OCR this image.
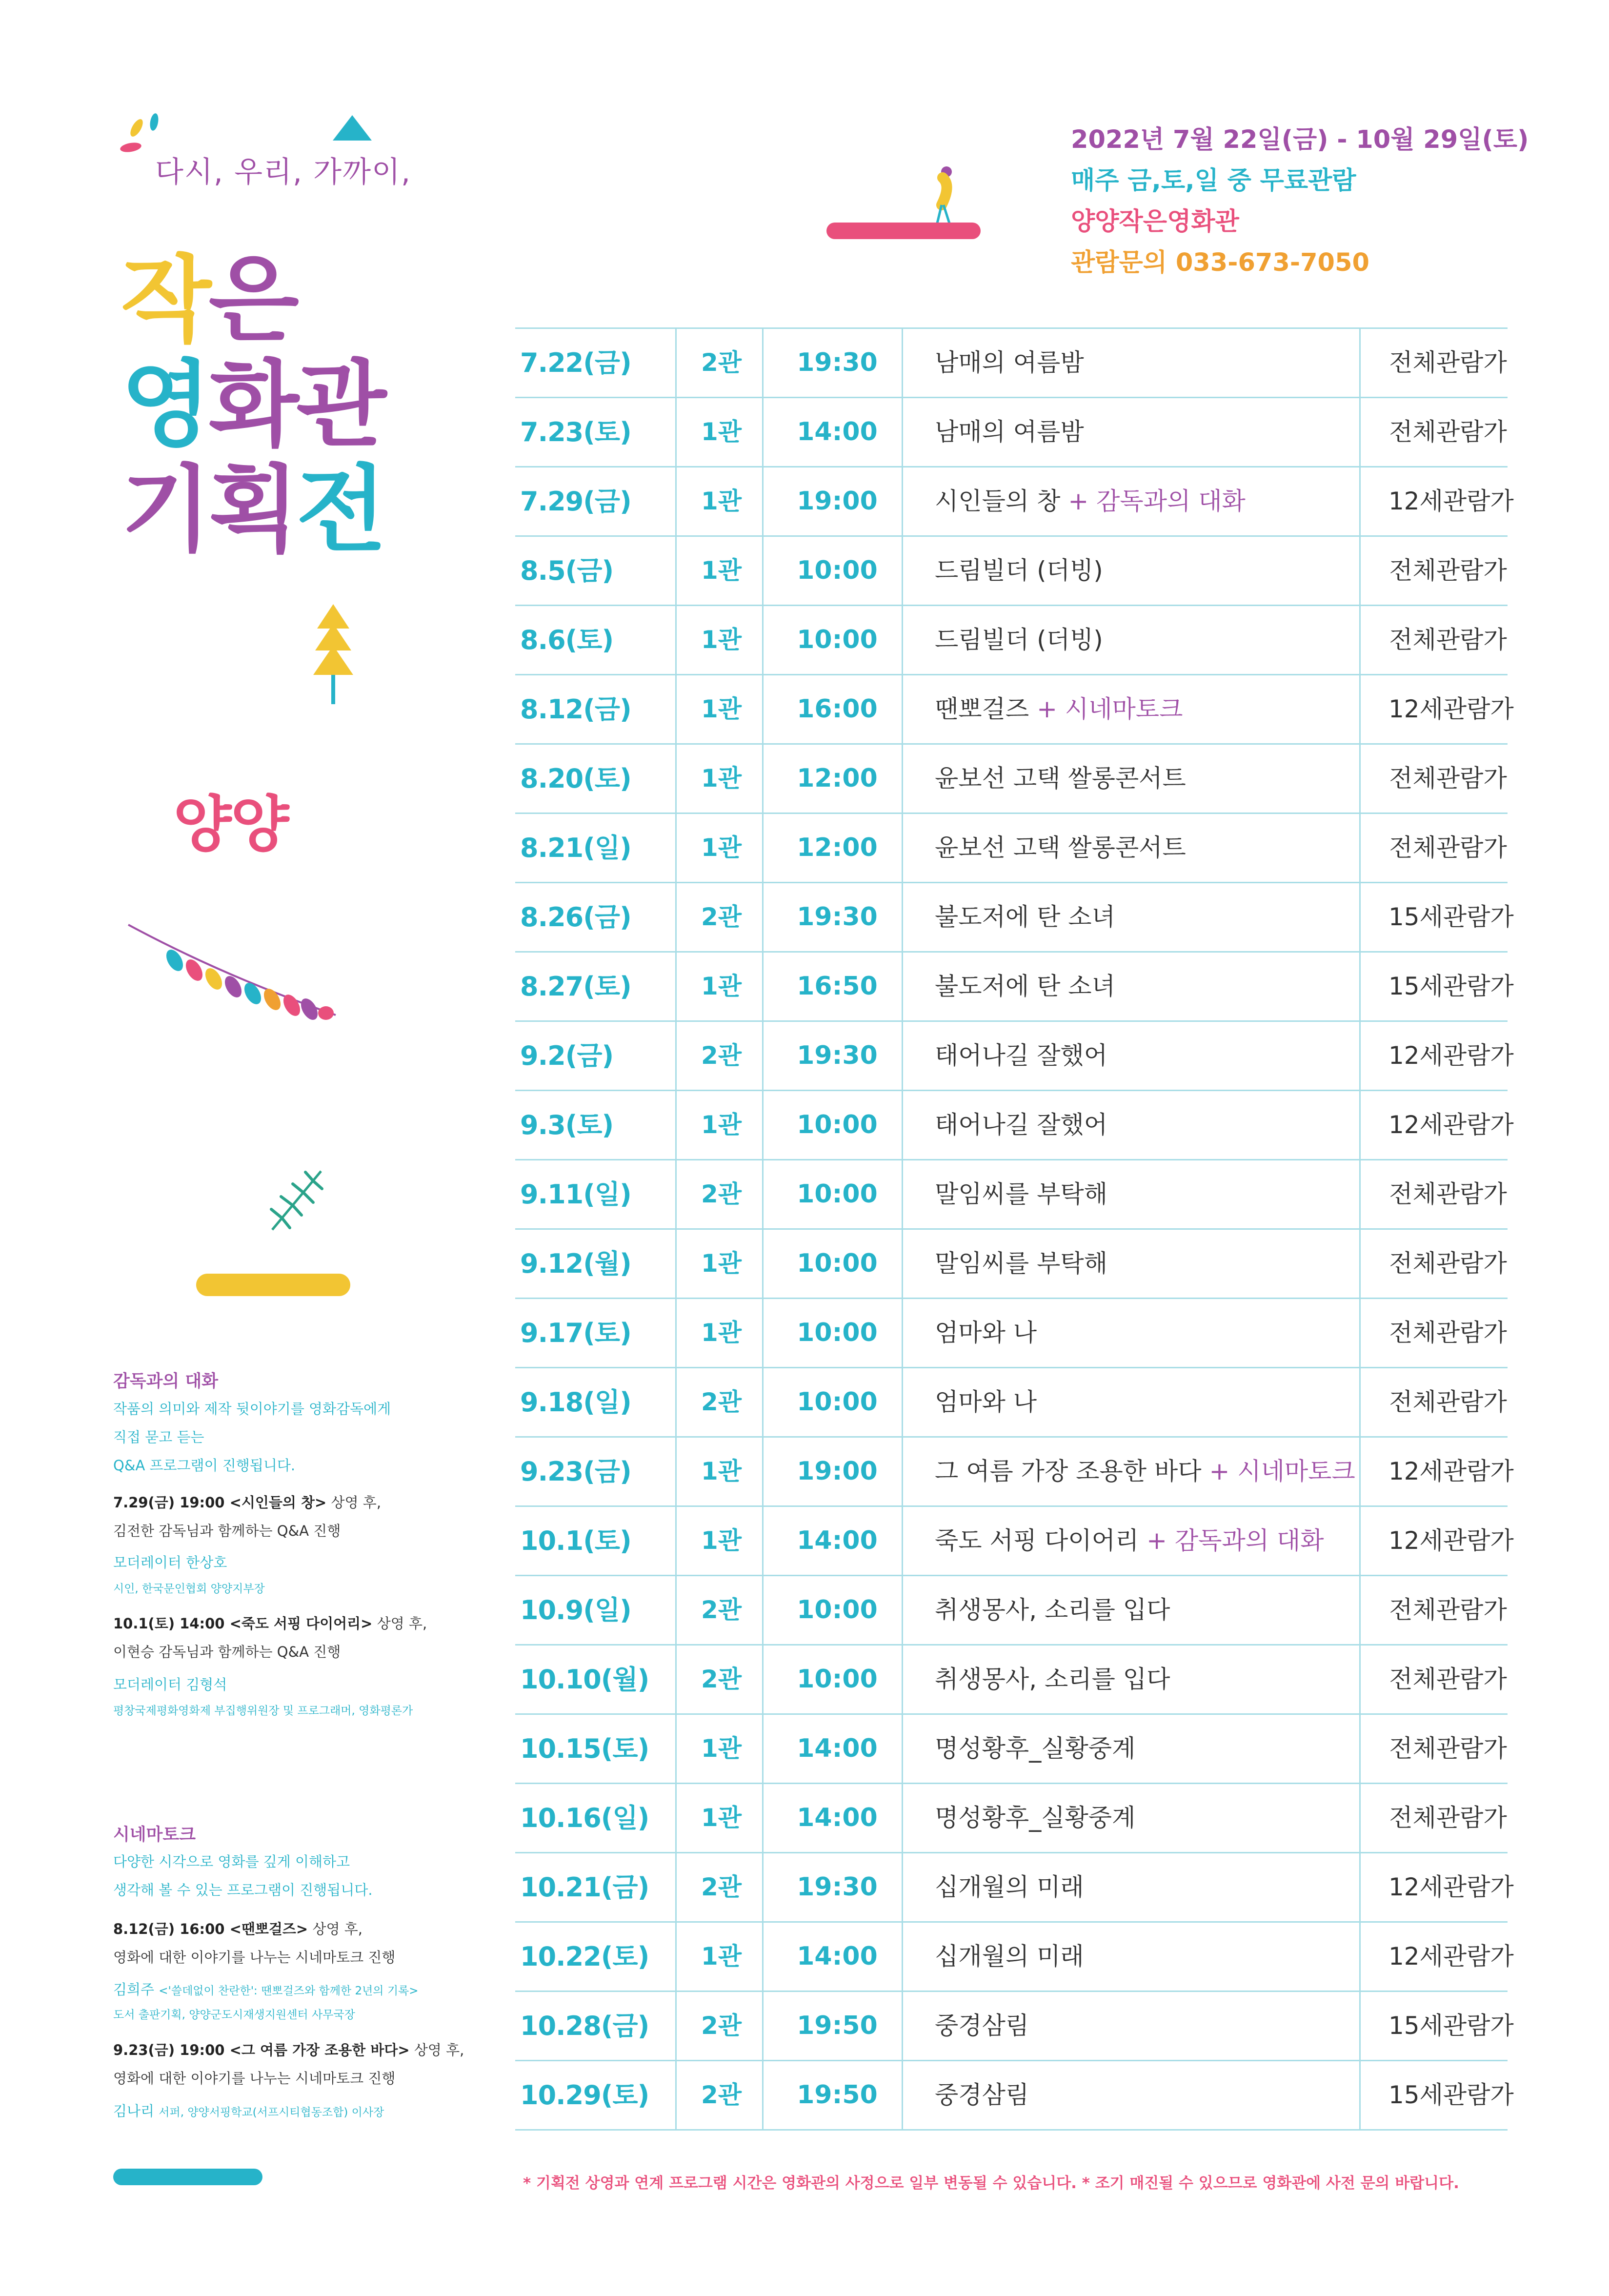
다시, 우리, 가까이,
작은
영화관
기획전
양양
2022년 7월 22일(금) - 10월 29일(토)
매주 금,토,일 중 무료관람
양양작은영화관
관람문의 033-673-7050
7.22(금)	2관	19:30	남매의 여름밤	전체관람가
7.23(토)	1관	14:00	남매의 여름밤	전체관람가
7.29(금)	1관	19:00	시인들의 창 + 감독과의 대화	12세관람가
8.5(금)	1관	10:00	드림빌더 (더빙)	전체관람가
8.6(토)	1관	10:00	드림빌더 (더빙)	전체관람가
8.12(금)	1관	16:00	땐뽀걸즈 + 시네마토크	12세관람가
8.20(토)	1관	12:00	윤보선 고택 쌀롱콘서트	전체관람가
8.21(일)	1관	12:00	윤보선 고택 쌀롱콘서트	전체관람가
8.26(금)	2관	19:30	불도저에 탄 소녀	15세관람가
8.27(토)	1관	16:50	불도저에 탄 소녀	15세관람가
9.2(금)	2관	19:30	태어나길 잘했어	12세관람가
9.3(토)	1관	10:00	태어나길 잘했어	12세관람가
9.11(일)	2관	10:00	말임씨를 부탁해	전체관람가
9.12(월)	1관	10:00	말임씨를 부탁해	전체관람가
9.17(토)	1관	10:00	엄마와 나	전체관람가
9.18(일)	2관	10:00	엄마와 나	전체관람가
9.23(금)	1관	19:00	그 여름 가장 조용한 바다 + 시네마토크	12세관람가
10.1(토)	1관	14:00	죽도 서핑 다이어리 + 감독과의 대화	12세관람가
10.9(일)	2관	10:00	취생몽사, 소리를 입다	전체관람가
10.10(월)	2관	10:00	취생몽사, 소리를 입다	전체관람가
10.15(토)	1관	14:00	명성황후_실황중계	전체관람가
10.16(일)	1관	14:00	명성황후_실황중계	전체관람가
10.21(금)	2관	19:30	십개월의 미래	12세관람가
10.22(토)	1관	14:00	십개월의 미래	12세관람가
10.28(금)	2관	19:50	중경삼림	15세관람가
10.29(토)	2관	19:50	중경삼림	15세관람가
감독과의 대화
작품의 의미와 제작 뒷이야기를 영화감독에게
직접 묻고 듣는
Q&A 프로그램이 진행됩니다.
7.29(금) 19:00 <시인들의 창> 상영 후,
김전한 감독님과 함께하는 Q&A 진행
모더레이터 한상호
시인, 한국문인협회 양양지부장
10.1(토) 14:00 <죽도 서핑 다이어리> 상영 후,
이현승 감독님과 함께하는 Q&A 진행
모더레이터 김형석
평창국제평화영화제 부집행위원장 및 프로그래머, 영화평론가
시네마토크
다양한 시각으로 영화를 깊게 이해하고
생각해 볼 수 있는 프로그램이 진행됩니다.
8.12(금) 16:00 <땐뽀걸즈> 상영 후,
영화에 대한 이야기를 나누는 시네마토크 진행
김희주 <'쓸데없이 찬란한': 땐뽀걸즈와 함께한 2년의 기록>
도서 출판기획, 양양군도시재생지원센터 사무국장
9.23(금) 19:00 <그 여름 가장 조용한 바다> 상영 후,
영화에 대한 이야기를 나누는 시네마토크 진행
김나리 서퍼, 양양서핑학교(서프시티협동조합) 이사장
* 기획전 상영과 연계 프로그램 시간은 영화관의 사정으로 일부 변동될 수 있습니다. * 조기 매진될 수 있으므로 영화관에 사전 문의 바랍니다.
